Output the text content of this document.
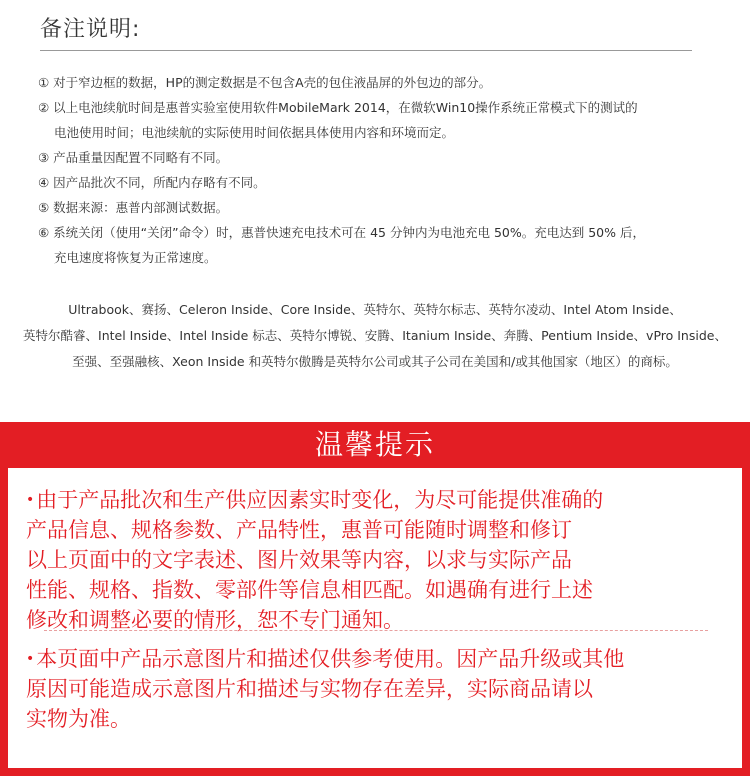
备注说明:
① 对于窄边框的数据，HP的测定数据是不包含A壳的包住液晶屏的外包边的部分。
② 以上电池续航时间是惠普实验室使用软件MobileMark 2014，在微软Win10操作系统正常模式下的测试的
电池使用时间；电池续航的实际使用时间依据具体使用内容和环境而定。
③ 产品重量因配置不同略有不同。
④ 因产品批次不同，所配内存略有不同。
⑤ 数据来源：惠普内部测试数据。
⑥ 系统关闭（使用“关闭”命令）时，惠普快速充电技术可在 45 分钟内为电池充电 50%。充电达到 50% 后，
充电速度将恢复为正常速度。
Ultrabook、赛扬、Celeron Inside、Core Inside、英特尔、英特尔标志、英特尔凌动、Intel Atom Inside、
英特尔酷睿、Intel Inside、Intel Inside 标志、英特尔博锐、安腾、Itanium Inside、奔腾、Pentium Inside、vPro Inside、
至强、至强融核、Xeon Inside 和英特尔傲腾是英特尔公司或其子公司在美国和/或其他国家（地区）的商标。
温馨提示
•由于产品批次和生产供应因素实时变化，为尽可能提供准确的
产品信息、规格参数、产品特性，惠普可能随时调整和修订
以上页面中的文字表述、图片效果等内容，以求与实际产品
性能、规格、指数、零部件等信息相匹配。如遇确有进行上述
修改和调整必要的情形，恕不专门通知。
•本页面中产品示意图片和描述仅供参考使用。因产品升级或其他
原因可能造成示意图片和描述与实物存在差异，实际商品请以
实物为准。
